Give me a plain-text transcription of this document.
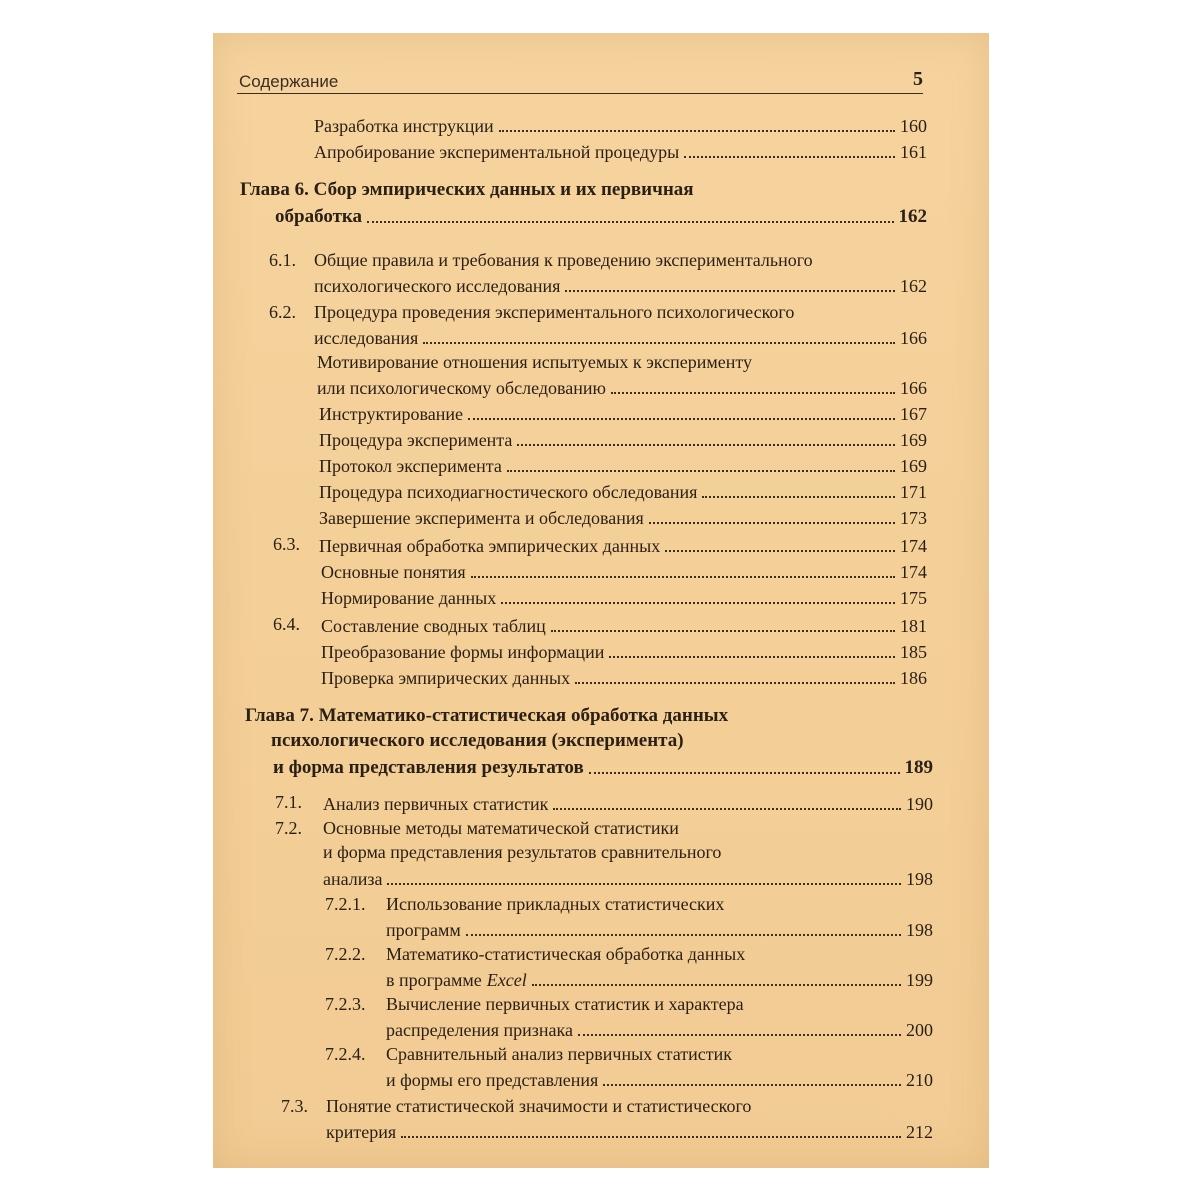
Содержание	5
Разработка инструкции	160
Апробирование экспериментальной процедуры	161
Глава 6. Сбор эмпирических данных и их первичная
обработка	162
6.1. Общие правила и требования к проведению экспериментального
психологического исследования	162
6.2. Процедура проведения экспериментального психологического
исследования	166
Мотивирование отношения испытуемых к эксперименту
или психологическому обследованию	166
Инструктирование	167
Процедура эксперимента	169
Протокол эксперимента	169
Процедура психодиагностического обследования	171
Завершение эксперимента и обследования	173
6.3. Первичная обработка эмпирических данных	174
Основные понятия	174
Нормирование данных	175
6.4. Составление сводных таблиц	181
Преобразование формы информации	185
Проверка эмпирических данных	186
Глава 7. Математико-статистическая обработка данных
психологического исследования (эксперимента)
и форма представления результатов	189
7.1. Анализ первичных статистик	190
7.2. Основные методы математической статистики
и форма представления результатов сравнительного
анализа	198
7.2.1. Использование прикладных статистических
программ	198
7.2.2. Математико-статистическая обработка данных
в программе Excel	199
7.2.3. Вычисление первичных статистик и характера
распределения признака	200
7.2.4. Сравнительный анализ первичных статистик
и формы его представления	210
7.3. Понятие статистической значимости и статистического
критерия	212
